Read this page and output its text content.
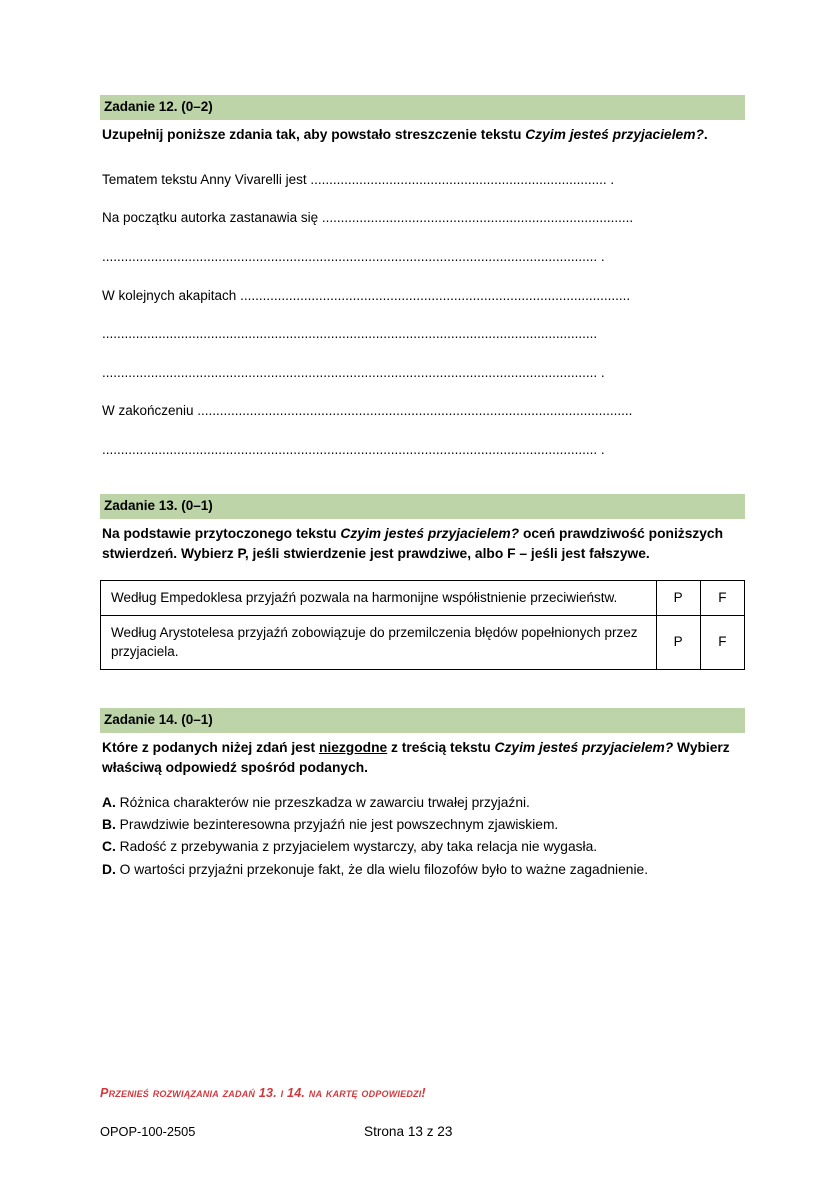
Zadanie 12. (0–2)
Uzupełnij poniższe zdania tak, aby powstało streszczenie tekstu Czyim jesteś przyjacielem?.
Tematem tekstu Anny Vivarelli jest ............................................................................... .
Na początku autorka zastanawia się ...................................................................................
.................................................................................................................................... .
W kolejnych akapitach ........................................................................................................
....................................................................................................................................
.................................................................................................................................... .
W zakończeniu ....................................................................................................................
.................................................................................................................................... .
Zadanie 13. (0–1)
Na podstawie przytoczonego tekstu Czyim jesteś przyjacielem? oceń prawdziwość poniższych stwierdzeń. Wybierz P, jeśli stwierdzenie jest prawdziwe, albo F – jeśli jest fałszywe.
Według Empedoklesa przyjaźń pozwala na harmonijne współistnienie przeciwieństw.	P	F
Według Arystotelesa przyjaźń zobowiązuje do przemilczenia błędów popełnionych przez przyjaciela.	P	F
Zadanie 14. (0–1)
Które z podanych niżej zdań jest niezgodne z treścią tekstu Czyim jesteś przyjacielem? Wybierz właściwą odpowiedź spośród podanych.
A. Różnica charakterów nie przeszkadza w zawarciu trwałej przyjaźni.
B. Prawdziwie bezinteresowna przyjaźń nie jest powszechnym zjawiskiem.
C. Radość z przebywania z przyjacielem wystarczy, aby taka relacja nie wygasła.
D. O wartości przyjaźni przekonuje fakt, że dla wielu filozofów było to ważne zagadnienie.
Przenieś rozwiązania zadań 13. i 14. na kartę odpowiedzi!
OPOP-100-2505	Strona 13 z 23
